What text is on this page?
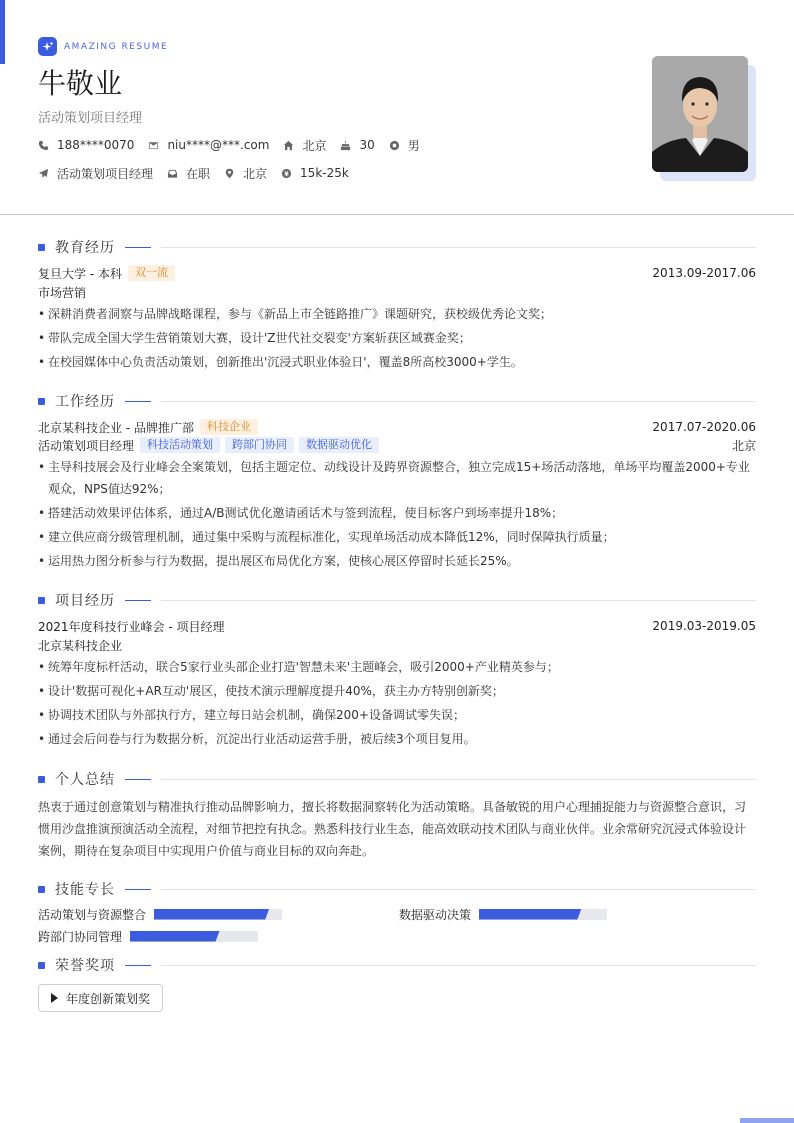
AMAZING RESUME
牛敬业
活动策划项目经理
188****0070	niu****@***.com	北京	30	男
活动策划项目经理	在职	北京	15k-25k
教育经历
复旦大学 - 本科	双一流	2013.09-2017.06
市场营销
• 深耕消费者洞察与品牌战略课程，参与《新品上市全链路推广》课题研究，获校级优秀论文奖；
• 带队完成全国大学生营销策划大赛，设计'Z世代社交裂变'方案斩获区域赛金奖；
• 在校园媒体中心负责活动策划，创新推出'沉浸式职业体验日'，覆盖8所高校3000+学生。
工作经历
北京某科技企业 - 品牌推广部	科技企业	2017.07-2020.06
活动策划项目经理	科技活动策划	跨部门协同	数据驱动优化	北京
• 主导科技展会及行业峰会全案策划，包括主题定位、动线设计及跨界资源整合，独立完成15+场活动落地，单场平均覆盖2000+专业观众，NPS值达92%；
• 搭建活动效果评估体系，通过A/B测试优化邀请函话术与签到流程，使目标客户到场率提升18%；
• 建立供应商分级管理机制，通过集中采购与流程标准化，实现单场活动成本降低12%，同时保障执行质量；
• 运用热力图分析参与行为数据，提出展区布局优化方案，使核心展区停留时长延长25%。
项目经历
2021年度科技行业峰会 - 项目经理	2019.03-2019.05
北京某科技企业
• 统筹年度标杆活动，联合5家行业头部企业打造'智慧未来'主题峰会，吸引2000+产业精英参与；
• 设计'数据可视化+AR互动'展区，使技术演示理解度提升40%，获主办方特别创新奖；
• 协调技术团队与外部执行方，建立每日站会机制，确保200+设备调试零失误；
• 通过会后问卷与行为数据分析，沉淀出行业活动运营手册，被后续3个项目复用。
个人总结

热衷于通过创意策划与精准执行推动品牌影响力，擅长将数据洞察转化为活动策略。具备敏锐的用户心理捕捉能力与资源整合意识，习惯用沙盘推演预演活动全流程，对细节把控有执念。熟悉科技行业生态，能高效联动技术团队与商业伙伴。业余常研究沉浸式体验设计案例，期待在复杂项目中实现用户价值与商业目标的双向奔赴。

技能专长
活动策划与资源整合	数据驱动决策
跨部门协同管理
荣誉奖项
年度创新策划奖
